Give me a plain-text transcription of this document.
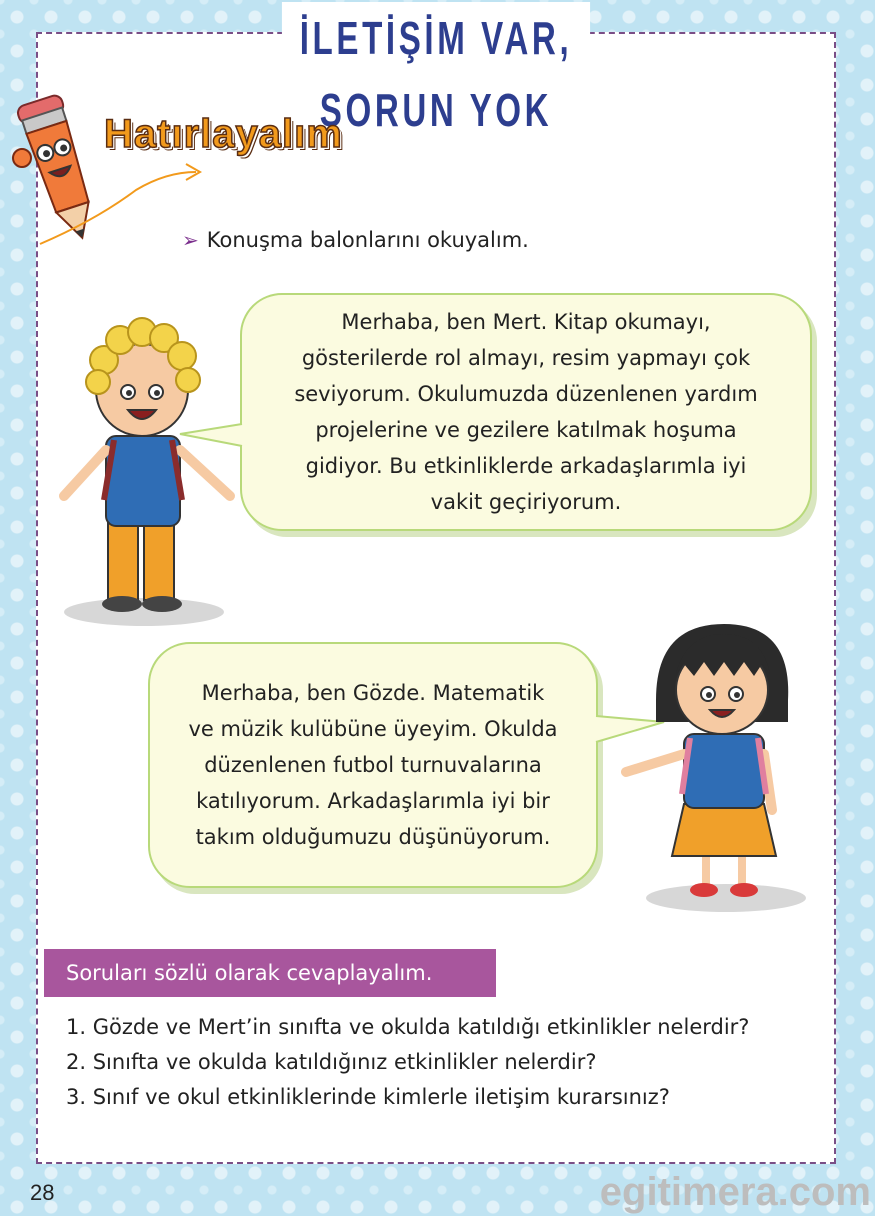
İLETİŞİM VAR, SORUN YOK
Hatırlayalım
➢ Konuşma balonlarını okuyalım.
Merhaba, ben Mert. Kitap okumayı,
gösterilerde rol almayı, resim yapmayı çok
seviyorum. Okulumuzda düzenlenen yardım
projelerine ve gezilere katılmak hoşuma
gidiyor. Bu etkinliklerde arkadaşlarımla iyi
vakit geçiriyorum.
Merhaba, ben Gözde. Matematik
ve müzik kulübüne üyeyim. Okulda
düzenlenen futbol turnuvalarına
katılıyorum. Arkadaşlarımla iyi bir
takım olduğumuzu düşünüyorum.
Soruları sözlü olarak cevaplayalım.
1. Gözde ve Mert’in sınıfta ve okulda katıldığı etkinlikler nelerdir?
2. Sınıfta ve okulda katıldığınız etkinlikler nelerdir?
3. Sınıf ve okul etkinliklerinde kimlerle iletişim kurarsınız?
28	egitimera.com
